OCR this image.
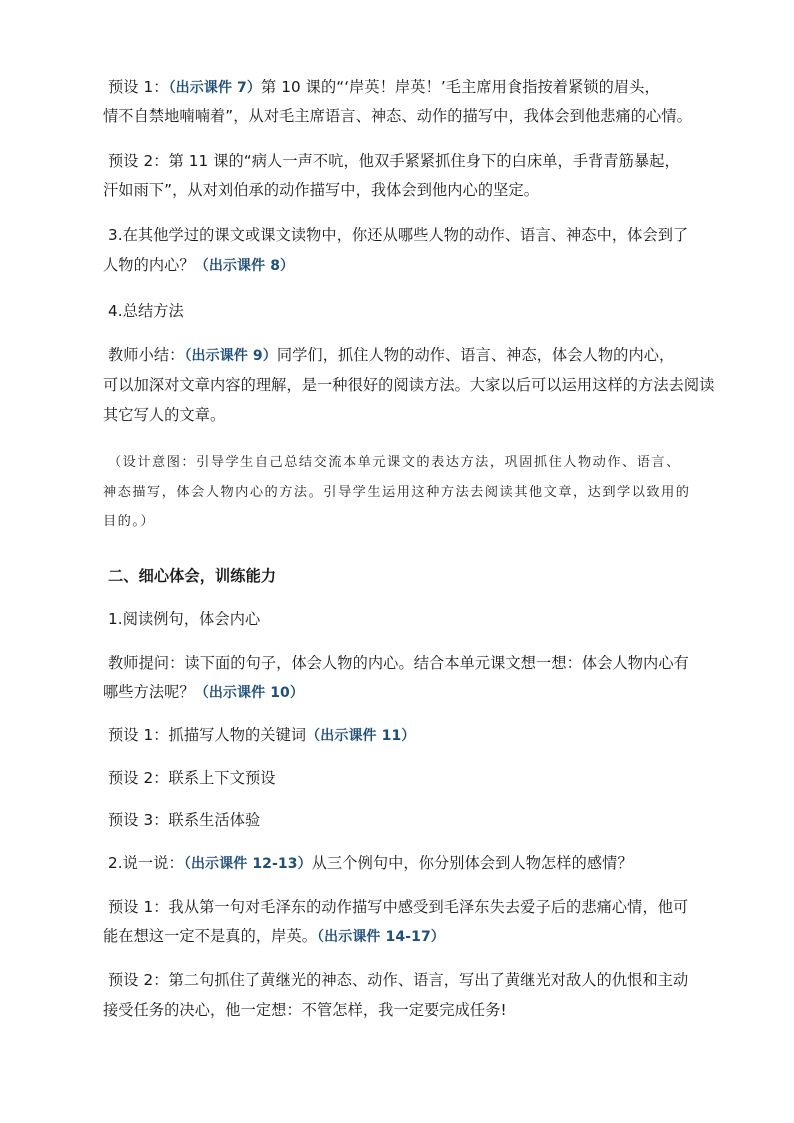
预设 1：（出示课件 7）第 10 课的“‘岸英！岸英！’毛主席用食指按着紧锁的眉头，
情不自禁地喃喃着”，从对毛主席语言、神态、动作的描写中，我体会到他悲痛的心情。
预设 2：第 11 课的“病人一声不吭，他双手紧紧抓住身下的白床单，手背青筋暴起，
汗如雨下”，从对刘伯承的动作描写中，我体会到他内心的坚定。
3.在其他学过的课文或课文读物中，你还从哪些人物的动作、语言、神态中，体会到了
人物的内心？（出示课件 8）
4.总结方法
教师小结：（出示课件 9）同学们，抓住人物的动作、语言、神态，体会人物的内心，
可以加深对文章内容的理解，是一种很好的阅读方法。大家以后可以运用这样的方法去阅读
其它写人的文章。
（设计意图：引导学生自己总结交流本单元课文的表达方法，巩固抓住人物动作、语言、
神态描写，体会人物内心的方法。引导学生运用这种方法去阅读其他文章，达到学以致用的
目的。）
二、细心体会，训练能力
1.阅读例句，体会内心
教师提问：读下面的句子，体会人物的内心。结合本单元课文想一想：体会人物内心有
哪些方法呢？（出示课件 10）
预设 1：抓描写人物的关键词（出示课件 11）
预设 2：联系上下文预设
预设 3：联系生活体验
2.说一说：（出示课件 12-13）从三个例句中，你分别体会到人物怎样的感情？
预设 1：我从第一句对毛泽东的动作描写中感受到毛泽东失去爱子后的悲痛心情，他可
能在想这一定不是真的，岸英。（出示课件 14-17）
预设 2：第二句抓住了黄继光的神态、动作、语言，写出了黄继光对敌人的仇恨和主动
接受任务的决心，他一定想：不管怎样，我一定要完成任务!
